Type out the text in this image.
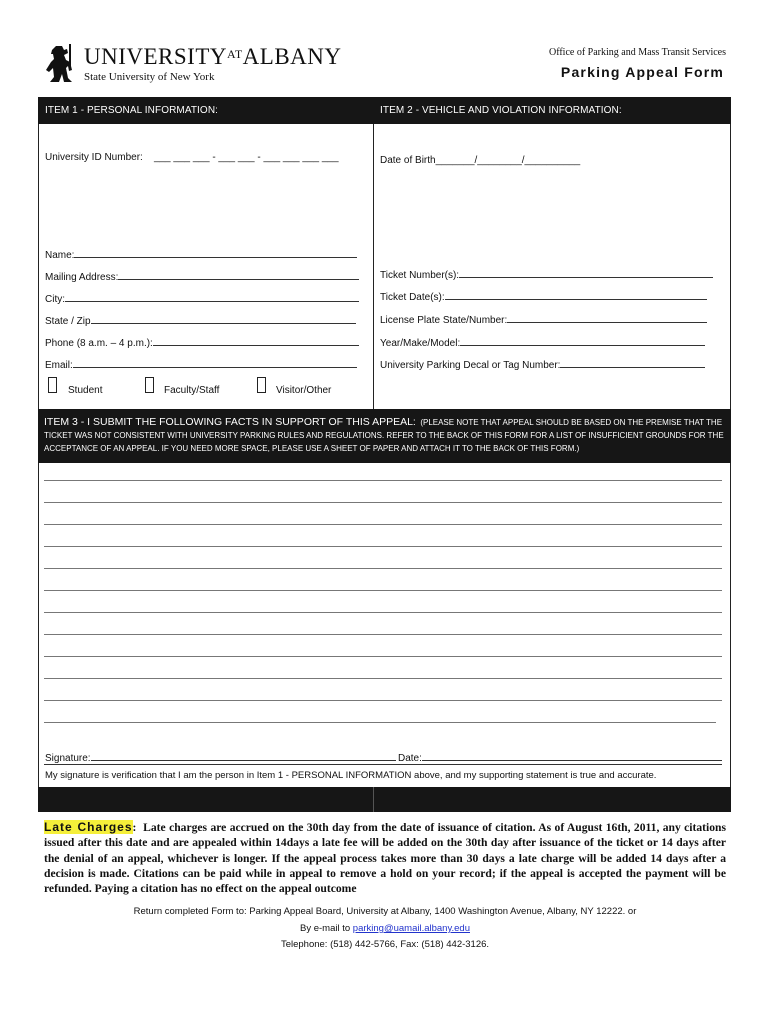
$UNIVERSITY^{AT}ALBANY$
State University of New York
Office of Parking and Mass Transit Services
Parking Appeal Form
ITEM 1 - PERSONAL INFORMATION:	ITEM 2 - VEHICLE AND VIOLATION INFORMATION:
University ID Number: ___ ___ ___ - ___ ___ - ___ ___ ___ ___
Name:
Mailing Address:
City:
State / Zip
Phone (8 a.m. – 4 p.m.):
Email:
Student	Faculty/Staff	Visitor/Other
Date of Birth_______/________/__________
Ticket Number(s):
Ticket Date(s):
License Plate State/Number:
Year/Make/Model:
University Parking Decal or Tag Number:
ITEM 3 - I SUBMIT THE FOLLOWING FACTS IN SUPPORT OF THIS APPEAL: (PLEASE NOTE THAT APPEAL SHOULD BE BASED ON THE PREMISE THAT THE TICKET WAS NOT CONSISTENT WITH UNIVERSITY PARKING RULES AND REGULATIONS. REFER TO THE BACK OF THIS FORM FOR A LIST OF INSUFFICIENT GROUNDS FOR THE ACCEPTANCE OF AN APPEAL. IF YOU NEED MORE SPACE, PLEASE USE A SHEET OF PAPER AND ATTACH IT TO THE BACK OF THIS FORM.)
Signature:	Date:
My signature is verification that I am the person in Item 1 - PERSONAL INFORMATION above, and my supporting statement is true and accurate.
Late Charges: Late charges are accrued on the 30th day from the date of issuance of citation. As of August 16th, 2011, any citations issued after this date and are appealed within 14days a late fee will be added on the 30th day after issuance of the ticket or 14 days after the denial of an appeal, whichever is longer. If the appeal process takes more than 30 days a late charge will be added 14 days after a decision is made. Citations can be paid while in appeal to remove a hold on your record; if the appeal is accepted the payment will be refunded. Paying a citation has no effect on the appeal outcome
Return completed Form to: Parking Appeal Board, University at Albany, 1400 Washington Avenue, Albany, NY 12222. or
By e-mail to parking@uamail.albany.edu
Telephone: (518) 442-5766, Fax: (518) 442-3126.
